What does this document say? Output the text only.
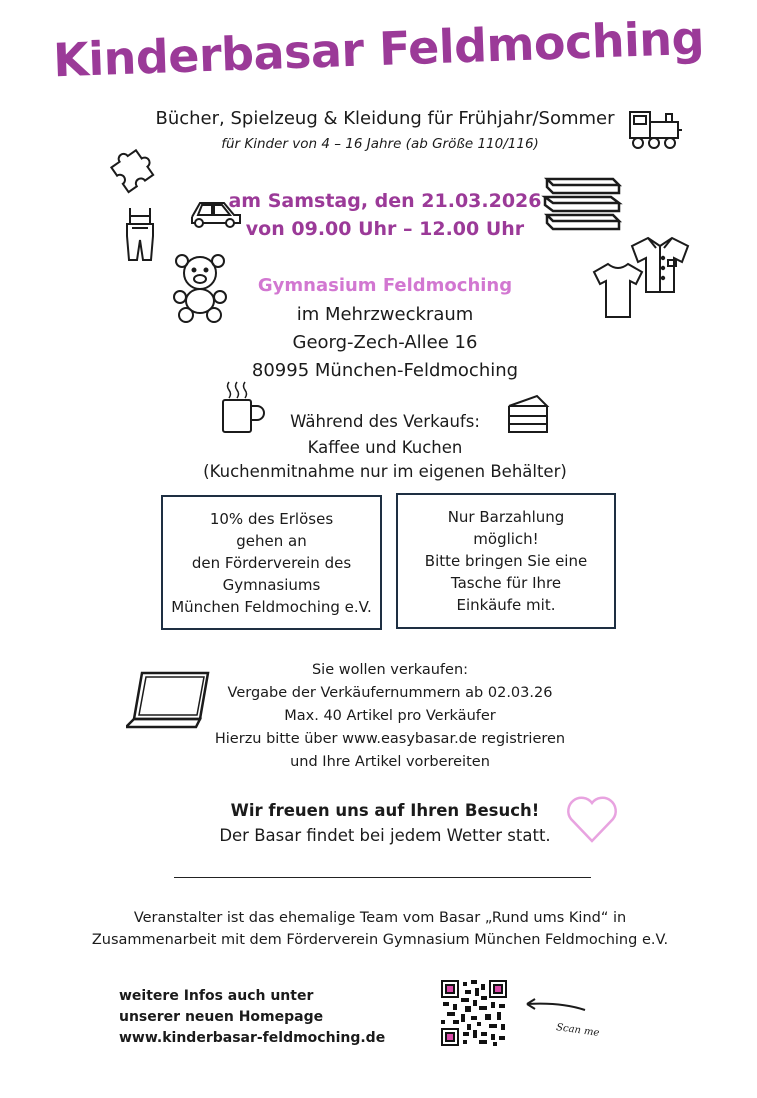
Kinderbasar Feldmoching
Bücher, Spielzeug & Kleidung für Frühjahr/Sommer
für Kinder von 4 – 16 Jahre (ab Größe 110/116)
am Samstag, den 21.03.2026
von 09.00 Uhr – 12.00 Uhr
Gymnasium Feldmoching
im Mehrzweckraum
Georg-Zech-Allee 16
80995 München-Feldmoching
Während des Verkaufs:
Kaffee und Kuchen
(Kuchenmitnahme nur im eigenen Behälter)
10% des Erlöses
gehen an
den Förderverein des
Gymnasiums
München Feldmoching e.V.
Nur Barzahlung
möglich!
Bitte bringen Sie eine
Tasche für Ihre
Einkäufe mit.
Sie wollen verkaufen:
Vergabe der Verkäufernummern ab 02.03.26
Max. 40 Artikel pro Verkäufer
Hierzu bitte über www.easybasar.de registrieren
und Ihre Artikel vorbereiten
Wir freuen uns auf Ihren Besuch!
Der Basar findet bei jedem Wetter statt.
Veranstalter ist das ehemalige Team vom Basar „Rund ums Kind“ in
Zusammenarbeit mit dem Förderverein Gymnasium München Feldmoching e.V.
weitere Infos auch unter
unserer neuen Homepage
www.kinderbasar-feldmoching.de	Scan me
